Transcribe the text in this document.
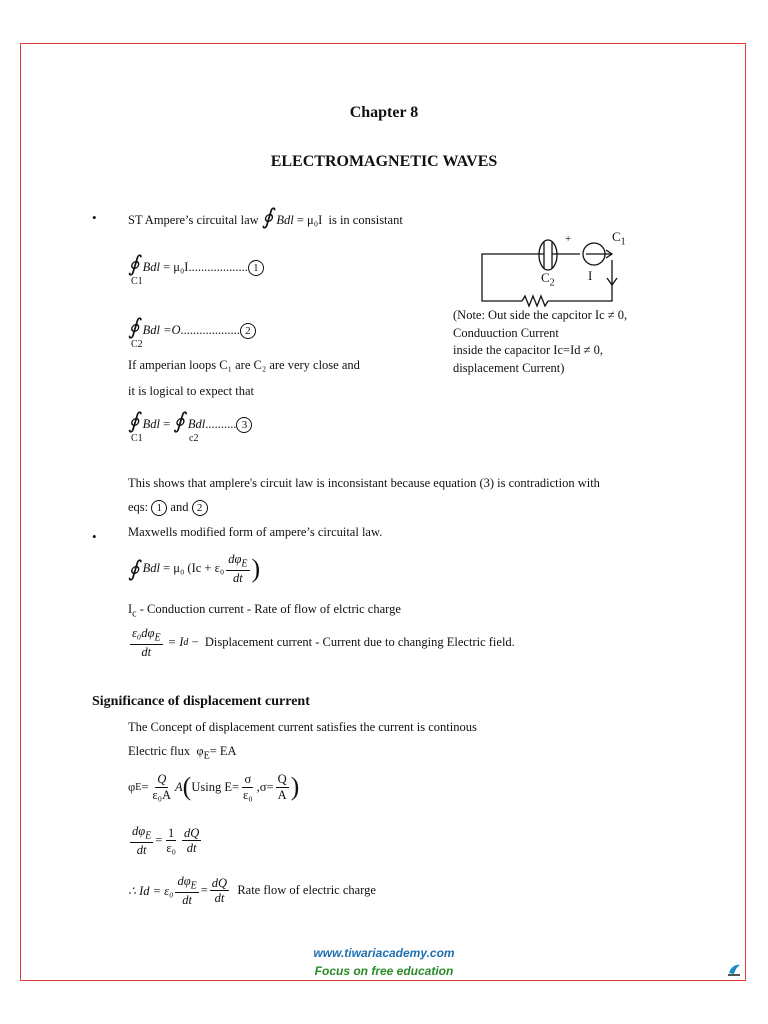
Chapter 8
ELECTROMAGNETIC WAVES
•	ST Ampere’s circuital law ∮ Bdl = μ₀I is in consistant
∮ Bdl = μ₀I................... 1
C1
∮ Bdl =O................... 2
C2
If amperian loops C₁ are C₂ are very close and
it is logical to expect that
∮ Bdl = ∮ Bdl.......... 3
C1	c2
This shows that amplere's circuit law is inconsistant because equation (3) is contradiction with
eqs: 1 and 2
•	Maxwells modified form of ampere’s circuital law.
∮
Bdl
= μ₀ ($Ic + \varepsilon_0 \frac{d\varphi_E}{dt}$ )
$I_c$ - Conduction current - Rate of flow of elctric charge
$\frac{\varepsilon_0d\varphi_E}{dt}$
= I d
−
Displacement current - Current due to changing Electric field.
Significance of displacement current
The Concept of displacement current satisfies the current is continous
Electric flux $\varphi_E=$ EA
φ $E = \frac{Q}{\text{ε₀A}}$ A ( Using $E= \frac{\sigma}{\text{ε₀}} ,\sigma= \frac{Q}{A}$ )
$\frac{d\varphi_E}{dt} = \frac{1}{\text{ε₀}} \frac{dQ}{dt}$
∴ $Id = \varepsilon_0 \frac{d\varphi_E}{dt} = \frac{dQ}{dt}$
Rate flow of electric charge
+	$C_1$
$C_2$
I
(Note: Out side the capcitor Ic ≠ 0,
Conduuction Current
inside the capacitor Ic=Id ≠ 0,
displacement Current)
www.tiwariacademy.com
Focus on free education
